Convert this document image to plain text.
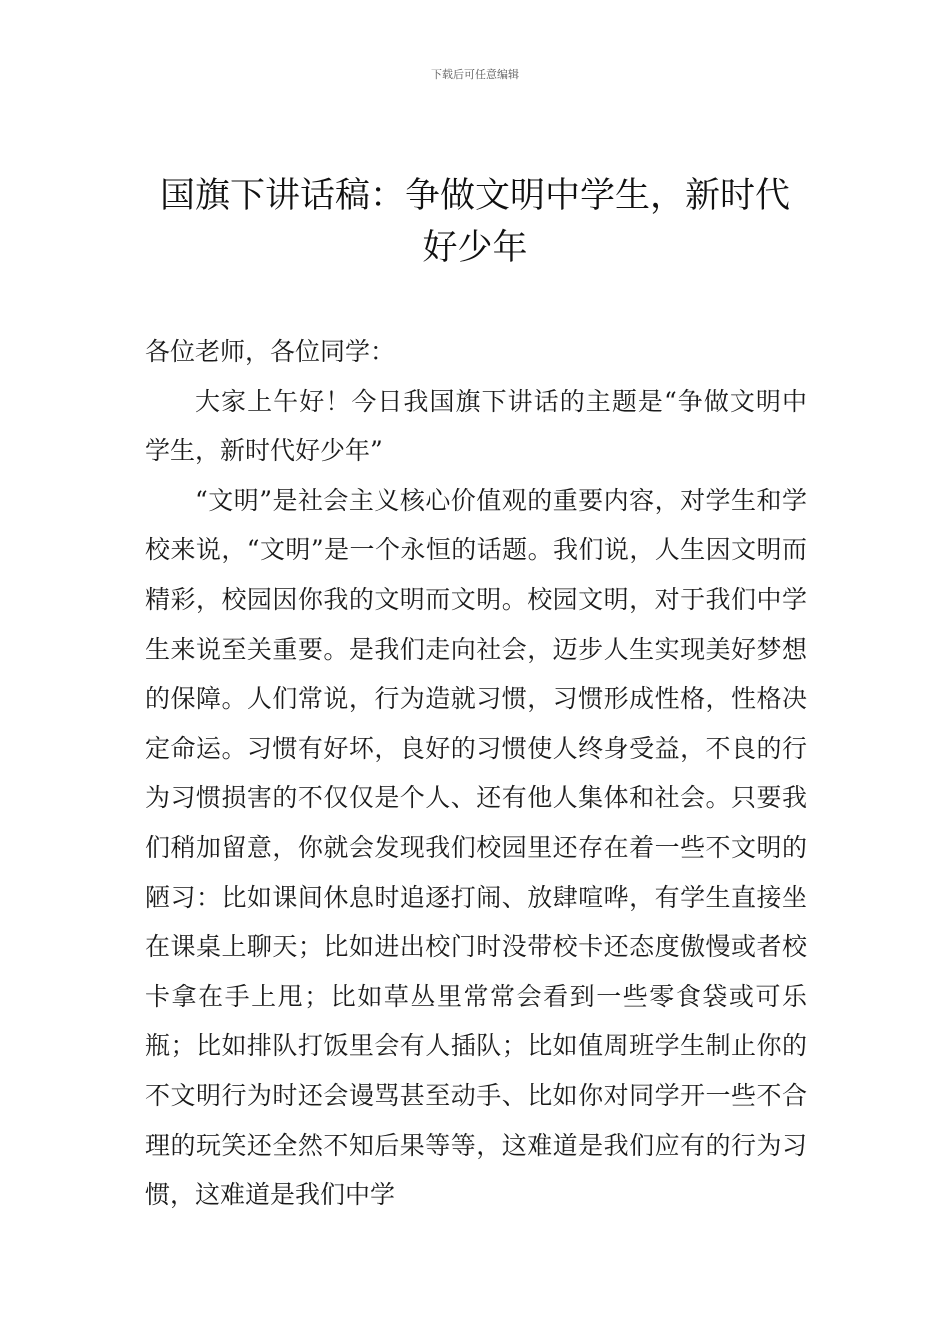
下载后可任意编辑
国旗下讲话稿：争做文明中学生，新时代好少年

各位老师，各位同学：

大家上午好！今日我国旗下讲话的主题是“争做文明中学生，新时代好少年”

“文明”是社会主义核心价值观的重要内容，对学生和学校来说，“文明”是一个永恒的话题。我们说，人生因文明而精彩，校园因你我的文明而文明。校园文明，对于我们中学生来说至关重要。是我们走向社会，迈步人生实现美好梦想的保障。人们常说，行为造就习惯，习惯形成性格，性格决定命运。习惯有好坏，良好的习惯使人终身受益，不良的行为习惯损害的不仅仅是个人、还有他人集体和社会。只要我们稍加留意，你就会发现我们校园里还存在着一些不文明的陋习：比如课间休息时追逐打闹、放肆喧哗，有学生直接坐在课桌上聊天；比如进出校门时没带校卡还态度傲慢或者校卡拿在手上甩；比如草丛里常常会看到一些零食袋或可乐瓶；比如排队打饭里会有人插队；比如值周班学生制止你的不文明行为时还会谩骂甚至动手、比如你对同学开一些不合理的玩笑还全然不知后果等等，这难道是我们应有的行为习惯，这难道是我们中学
